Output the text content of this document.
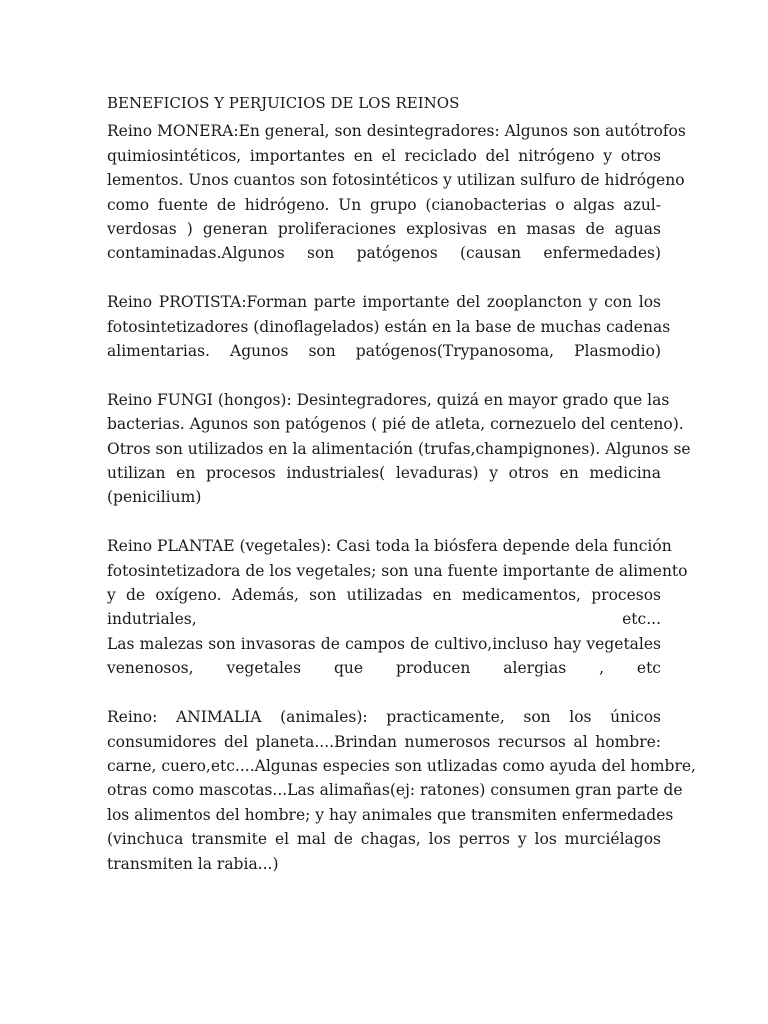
BENEFICIOS Y PERJUICIOS DE LOS REINOS
Reino MONERA:En general, son desintegradores: Algunos son autótrofos
quimiosintéticos, importantes en el reciclado del nitrógeno y otros
lementos. Unos cuantos son fotosintéticos y utilizan sulfuro de hidrógeno
como fuente de hidrógeno. Un grupo (cianobacterias o algas azul-
verdosas ) generan proliferaciones explosivas en masas de aguas
contaminadas.Algunos son patógenos (causan enfermedades)
Reino PROTISTA:Forman parte importante del zooplancton y con los
fotosintetizadores (dinoflagelados) están en la base de muchas cadenas
alimentarias. Agunos son patógenos(Trypanosoma, Plasmodio)
Reino FUNGI (hongos): Desintegradores, quizá en mayor grado que las
bacterias. Agunos son patógenos ( pié de atleta, cornezuelo del centeno).
Otros son utilizados en la alimentación (trufas,champignones). Algunos se
utilizan en procesos industriales( levaduras) y otros en medicina
(penicilium)
Reino PLANTAE (vegetales): Casi toda la biósfera depende dela función
fotosintetizadora de los vegetales; son una fuente importante de alimento
y de oxígeno. Además, son utilizadas en medicamentos, procesos
indutriales, etc...
Las malezas son invasoras de campos de cultivo,incluso hay vegetales
venenosos, vegetales que producen alergias , etc
Reino: ANIMALIA (animales): practicamente, son los únicos
consumidores del planeta....Brindan numerosos recursos al hombre:
carne, cuero,etc....Algunas especies son utlizadas como ayuda del hombre,
otras como mascotas...Las alimañas(ej: ratones) consumen gran parte de
los alimentos del hombre; y hay animales que transmiten enfermedades
(vinchuca transmite el mal de chagas, los perros y los murciélagos
transmiten la rabia...)
